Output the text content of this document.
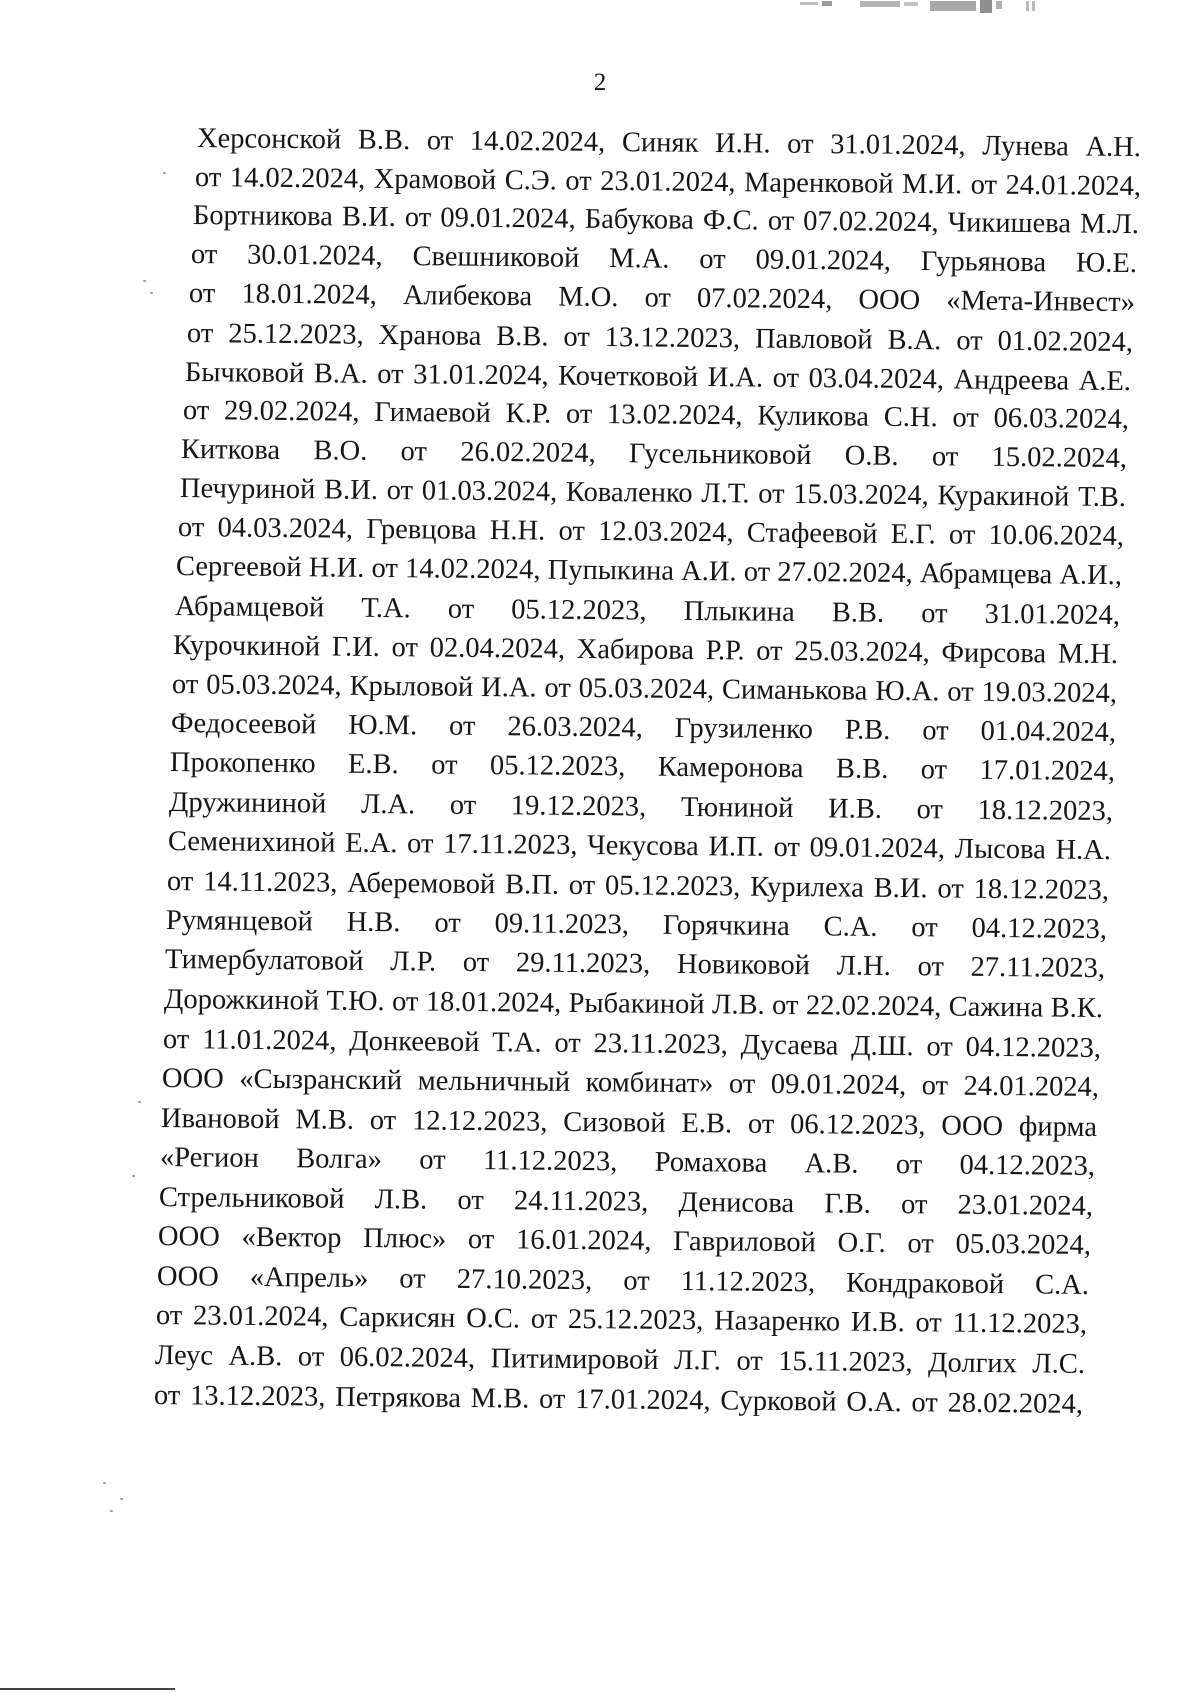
2
Херсонской В.В. от 14.02.2024, Синяк И.Н. от 31.01.2024, Лунева А.Н.
от 14.02.2024, Храмовой С.Э. от 23.01.2024, Маренковой М.И. от 24.01.2024,
Бортникова В.И. от 09.01.2024, Бабукова Ф.С. от 07.02.2024, Чикишева М.Л.
от 30.01.2024, Свешниковой М.А. от 09.01.2024, Гурьянова Ю.Е.
от 18.01.2024, Алибекова М.О. от 07.02.2024, ООО «Мета-Инвест»
от 25.12.2023, Хранова В.В. от 13.12.2023, Павловой В.А. от 01.02.2024,
Бычковой В.А. от 31.01.2024, Кочетковой И.А. от 03.04.2024, Андреева А.Е.
от 29.02.2024, Гимаевой К.Р. от 13.02.2024, Куликова С.Н. от 06.03.2024,
Киткова В.О. от 26.02.2024, Гусельниковой О.В. от 15.02.2024,
Печуриной В.И. от 01.03.2024, Коваленко Л.Т. от 15.03.2024, Куракиной Т.В.
от 04.03.2024, Гревцова Н.Н. от 12.03.2024, Стафеевой Е.Г. от 10.06.2024,
Сергеевой Н.И. от 14.02.2024, Пупыкина А.И. от 27.02.2024, Абрамцева А.И.,
Абрамцевой Т.А. от 05.12.2023, Плыкина В.В. от 31.01.2024,
Курочкиной Г.И. от 02.04.2024, Хабирова Р.Р. от 25.03.2024, Фирсова М.Н.
от 05.03.2024, Крыловой И.А. от 05.03.2024, Симанькова Ю.А. от 19.03.2024,
Федосеевой Ю.М. от 26.03.2024, Грузиленко Р.В. от 01.04.2024,
Прокопенко Е.В. от 05.12.2023, Камеронова В.В. от 17.01.2024,
Дружининой Л.А. от 19.12.2023, Тюниной И.В. от 18.12.2023,
Семенихиной Е.А. от 17.11.2023, Чекусова И.П. от 09.01.2024, Лысова Н.А.
от 14.11.2023, Аберемовой В.П. от 05.12.2023, Курилеха В.И. от 18.12.2023,
Румянцевой Н.В. от 09.11.2023, Горячкина С.А. от 04.12.2023,
Тимербулатовой Л.Р. от 29.11.2023, Новиковой Л.Н. от 27.11.2023,
Дорожкиной Т.Ю. от 18.01.2024, Рыбакиной Л.В. от 22.02.2024, Сажина В.К.
от 11.01.2024, Донкеевой Т.А. от 23.11.2023, Дусаева Д.Ш. от 04.12.2023,
ООО «Сызранский мельничный комбинат» от 09.01.2024, от 24.01.2024,
Ивановой М.В. от 12.12.2023, Сизовой Е.В. от 06.12.2023, ООО фирма
«Регион Волга» от 11.12.2023, Ромахова А.В. от 04.12.2023,
Стрельниковой Л.В. от 24.11.2023, Денисова Г.В. от 23.01.2024,
ООО «Вектор Плюс» от 16.01.2024, Гавриловой О.Г. от 05.03.2024,
ООО «Апрель» от 27.10.2023, от 11.12.2023, Кондраковой С.А.
от 23.01.2024, Саркисян О.С. от 25.12.2023, Назаренко И.В. от 11.12.2023,
Леус А.В. от 06.02.2024, Питимировой Л.Г. от 15.11.2023, Долгих Л.С.
от 13.12.2023, Петрякова М.В. от 17.01.2024, Сурковой О.А. от 28.02.2024,
